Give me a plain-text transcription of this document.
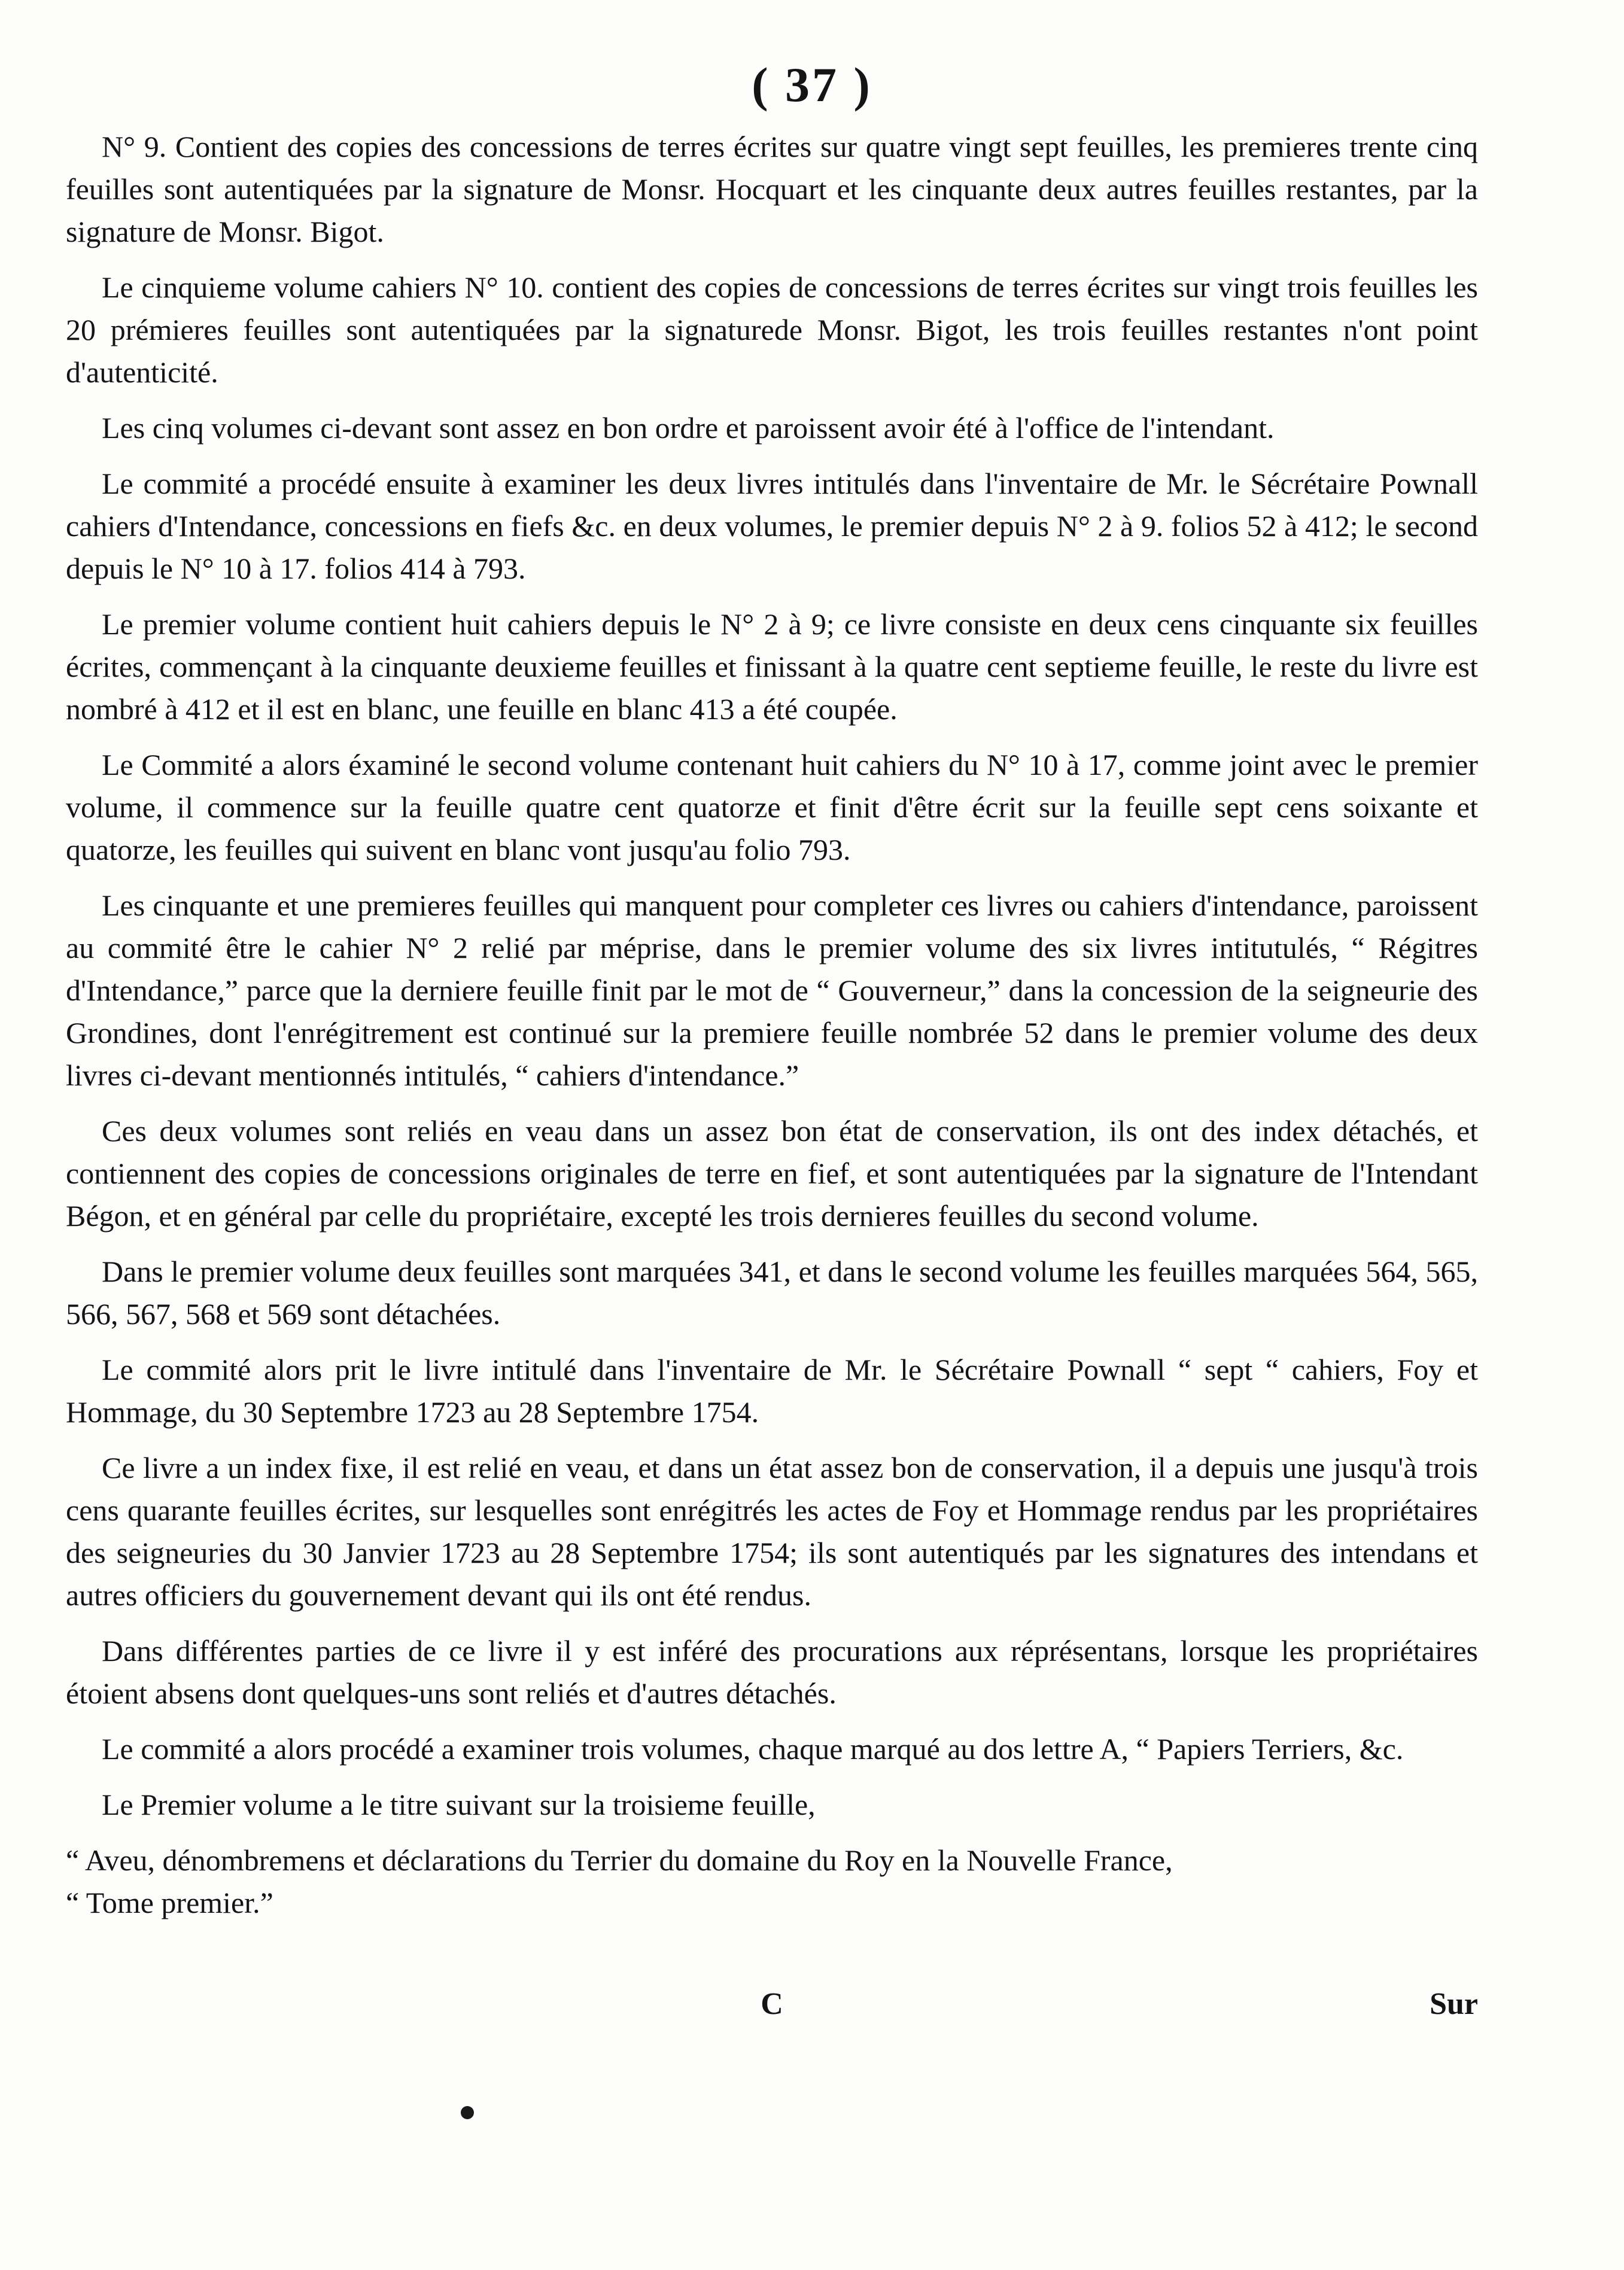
( 37 )

N° 9. Contient des copies des concessions de terres écrites sur quatre vingt sept feuilles, les premieres trente cinq feuilles sont autentiquées par la signature de Monsr. Hocquart et les cinquante deux autres feuilles restantes, par la signature de Monsr. Bigot.

Le cinquieme volume cahiers N° 10. contient des copies de concessions de terres écrites sur vingt trois feuilles les 20 prémieres feuilles sont autentiquées par la signaturede Monsr. Bigot, les trois feuilles restantes n'ont point d'autenticité.

Les cinq volumes ci-devant sont assez en bon ordre et paroissent avoir été à l'office de l'intendant.

Le commité a procédé ensuite à examiner les deux livres intitulés dans l'inventaire de Mr. le Sécrétaire Pownall cahiers d'Intendance, concessions en fiefs &c. en deux volumes, le premier depuis N° 2 à 9. folios 52 à 412; le second depuis le N° 10 à 17. folios 414 à 793.

Le premier volume contient huit cahiers depuis le N° 2 à 9; ce livre consiste en deux cens cinquante six feuilles écrites, commençant à la cinquante deuxieme feuilles et finissant à la quatre cent septieme feuille, le reste du livre est nombré à 412 et il est en blanc, une feuille en blanc 413 a été coupée.

Le Commité a alors éxaminé le second volume contenant huit cahiers du N° 10 à 17, comme joint avec le premier volume, il commence sur la feuille quatre cent quatorze et finit d'être écrit sur la feuille sept cens soixante et quatorze, les feuilles qui suivent en blanc vont jusqu'au folio 793.

Les cinquante et une premieres feuilles qui manquent pour completer ces livres ou cahiers d'intendance, paroissent au commité être le cahier N° 2 relié par méprise, dans le premier volume des six livres intitutulés, “ Régitres d'Intendance,” parce que la derniere feuille finit par le mot de “ Gouverneur,” dans la concession de la seigneurie des Grondines, dont l'enrégitrement est continué sur la premiere feuille nombrée 52 dans le premier volume des deux livres ci-devant mentionnés intitulés, “ cahiers d'intendance.”

Ces deux volumes sont reliés en veau dans un assez bon état de conservation, ils ont des index détachés, et contiennent des copies de concessions originales de terre en fief, et sont autentiquées par la signature de l'Intendant Bégon, et en général par celle du propriétaire, excepté les trois dernieres feuilles du second volume.

Dans le premier volume deux feuilles sont marquées 341, et dans le second volume les feuilles marquées 564, 565, 566, 567, 568 et 569 sont détachées.

Le commité alors prit le livre intitulé dans l'inventaire de Mr. le Sécrétaire Pownall “ sept “ cahiers, Foy et Hommage, du 30 Septembre 1723 au 28 Septembre 1754.

Ce livre a un index fixe, il est relié en veau, et dans un état assez bon de conservation, il a depuis une jusqu'à trois cens quarante feuilles écrites, sur lesquelles sont enrégitrés les actes de Foy et Hommage rendus par les propriétaires des seigneuries du 30 Janvier 1723 au 28 Septembre 1754; ils sont autentiqués par les signatures des intendans et autres officiers du gouvernement devant qui ils ont été rendus.

Dans différentes parties de ce livre il y est inféré des procurations aux réprésentans, lorsque les propriétaires étoient absens dont quelques-uns sont reliés et d'autres détachés.

Le commité a alors procédé a examiner trois volumes, chaque marqué au dos lettre A, “ Papiers Terriers, &c.

Le Premier volume a le titre suivant sur la troisieme feuille,

“ Aveu, dénombremens et déclarations du Terrier du domaine du Roy en la Nouvelle France,

“ Tome premier.”

C	Sur
